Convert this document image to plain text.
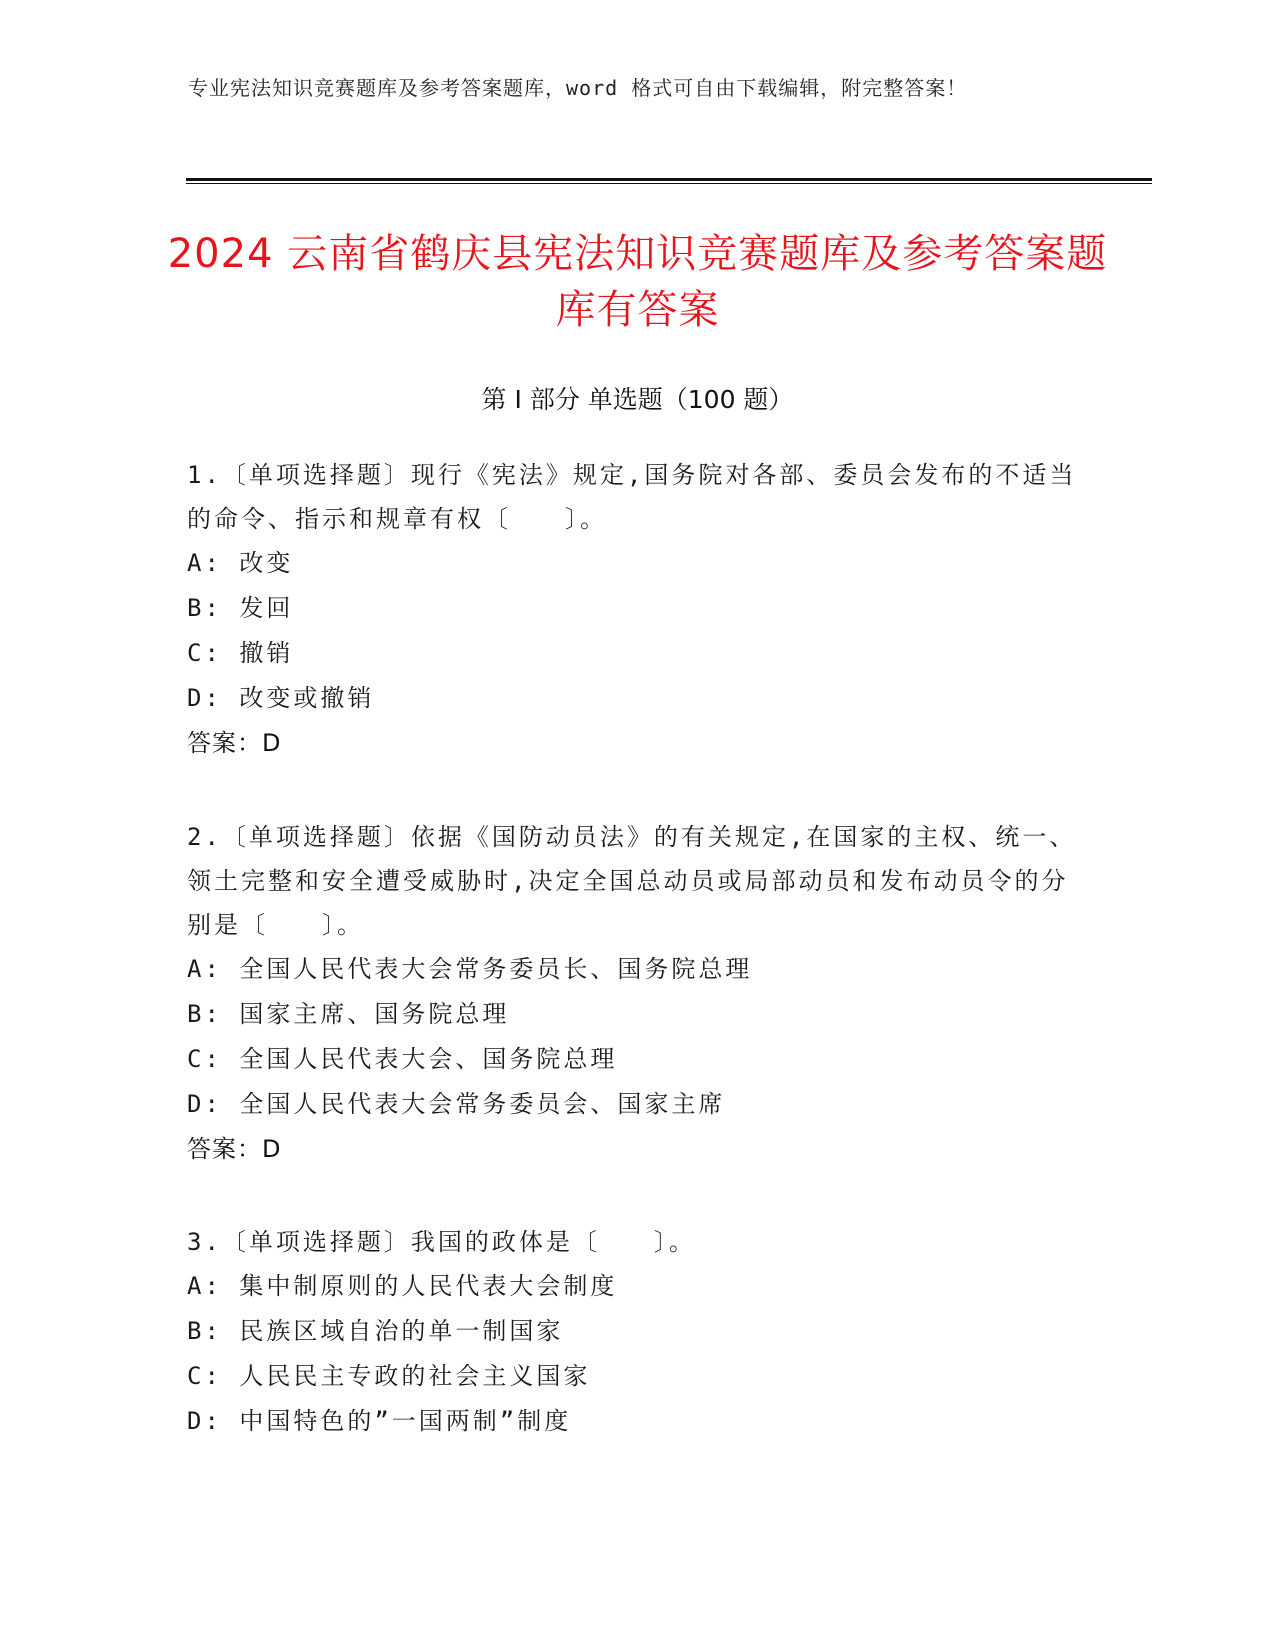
专业宪法知识竞赛题库及参考答案题库，word 格式可自由下载编辑，附完整答案！
2024 云南省鹤庆县宪法知识竞赛题库及参考答案题库有答案
第 I 部分 单选题（100 题）

1.〔单项选择题〕现行《宪法》规定,国务院对各部、委员会发布的不适当的命令、指示和规章有权〔　　〕。

A: 改变

B: 发回

C: 撤销

D: 改变或撤销

答案：D

2.〔单项选择题〕依据《国防动员法》的有关规定,在国家的主权、统一、领土完整和安全遭受威胁时,决定全国总动员或局部动员和发布动员令的分别是〔　　〕。

A: 全国人民代表大会常务委员长、国务院总理

B: 国家主席、国务院总理

C: 全国人民代表大会、国务院总理

D: 全国人民代表大会常务委员会、国家主席

答案：D

3.〔单项选择题〕我国的政体是〔　　〕。

A: 集中制原则的人民代表大会制度

B: 民族区域自治的单一制国家

C: 人民民主专政的社会主义国家

D: 中国特色的”一国两制”制度
